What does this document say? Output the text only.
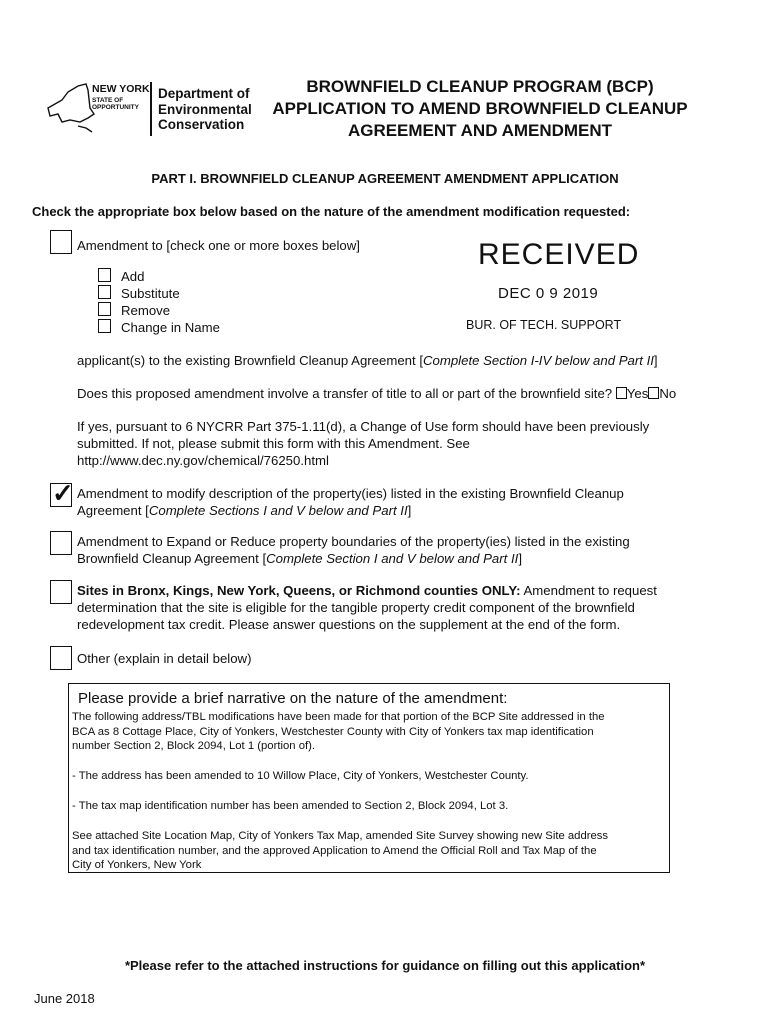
NEW YORK
STATE OF
OPPORTUNITY
Department of
Environmental
Conservation
BROWNFIELD CLEANUP PROGRAM (BCP)
APPLICATION TO AMEND BROWNFIELD CLEANUP
AGREEMENT AND AMENDMENT
PART I. BROWNFIELD CLEANUP AGREEMENT AMENDMENT APPLICATION
Check the appropriate box below based on the nature of the amendment modification requested:
Amendment to [check one or more boxes below]
Add
Substitute
Remove
Change in Name
RECEIVED
DEC 0 9 2019
BUR. OF TECH. SUPPORT
applicant(s) to the existing Brownfield Cleanup Agreement [Complete Section I-IV below and Part II]
Does this proposed amendment involve a transfer of title to all or part of the brownfield site? Yes No
If yes, pursuant to 6 NYCRR Part 375-1.11(d), a Change of Use form should have been previously
submitted. If not, please submit this form with this Amendment. See
http://www.dec.ny.gov/chemical/76250.html
✓ Amendment to modify description of the property(ies) listed in the existing Brownfield Cleanup
Agreement [Complete Sections I and V below and Part II]
Amendment to Expand or Reduce property boundaries of the property(ies) listed in the existing
Brownfield Cleanup Agreement [Complete Section I and V below and Part II]
Sites in Bronx, Kings, New York, Queens, or Richmond counties ONLY: Amendment to request
determination that the site is eligible for the tangible property credit component of the brownfield
redevelopment tax credit. Please answer questions on the supplement at the end of the form.
Other (explain in detail below)
Please provide a brief narrative on the nature of the amendment:
The following address/TBL modifications have been made for that portion of the BCP Site addressed in the
BCA as 8 Cottage Place, City of Yonkers, Westchester County with City of Yonkers tax map identification
number Section 2, Block 2094, Lot 1 (portion of).
- The address has been amended to 10 Willow Place, City of Yonkers, Westchester County.
- The tax map identification number has been amended to Section 2, Block 2094, Lot 3.
See attached Site Location Map, City of Yonkers Tax Map, amended Site Survey showing new Site address
and tax identification number, and the approved Application to Amend the Official Roll and Tax Map of the
City of Yonkers, New York
*Please refer to the attached instructions for guidance on filling out this application*
June 2018
